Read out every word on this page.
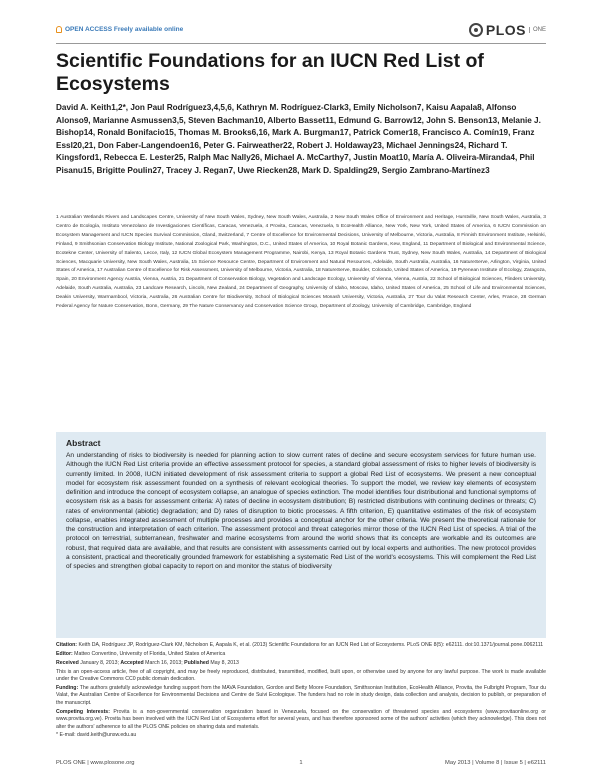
OPEN ACCESS Freely available online	PLOS	ONE
Scientific Foundations for an IUCN Red List of Ecosystems
David A. Keith1,2*, Jon Paul Rodríguez3,4,5,6, Kathryn M. Rodríguez-Clark3, Emily Nicholson7, Kaisu Aapala8, Alfonso Alonso9, Marianne Asmussen3,5, Steven Bachman10, Alberto Basset11, Edmund G. Barrow12, John S. Benson13, Melanie J. Bishop14, Ronald Bonifacio15, Thomas M. Brooks6,16, Mark A. Burgman17, Patrick Comer18, Francisco A. Comín19, Franz Essl20,21, Don Faber-Langendoen16, Peter G. Fairweather22, Robert J. Holdaway23, Michael Jennings24, Richard T. Kingsford1, Rebecca E. Lester25, Ralph Mac Nally26, Michael A. McCarthy7, Justin Moat10, María A. Oliveira-Miranda4, Phil Pisanu15, Brigitte Poulin27, Tracey J. Regan7, Uwe Riecken28, Mark D. Spalding29, Sergio Zambrano-Martínez3
1 Australian Wetlands Rivers and Landscapes Centre, University of New South Wales, Sydney, New South Wales, Australia, 2 New South Wales Office of Environment and Heritage, Hurstville, New South Wales, Australia, 3 Centro de Ecología, Instituto Venezolano de Investigaciones Científicas, Caracas, Venezuela, 4 Provita, Caracas, Venezuela, 5 EcoHealth Alliance, New York, New York, United States of America, 6 IUCN Commission on Ecosystem Management and IUCN Species Survival Commission, Gland, Switzerland, 7 Centre of Excellence for Environmental Decisions, University of Melbourne, Victoria, Australia, 8 Finnish Environment Institute, Helsinki, Finland, 9 Smithsonian Conservation Biology Institute, National Zoological Park, Washington, D.C., United States of America, 10 Royal Botanic Gardens, Kew, England, 11 Department of Biological and Environmental Science, Ecotekne Center, University of Salento, Lecce, Italy, 12 IUCN Global Ecosystem Management Programme, Nairobi, Kenya, 13 Royal Botanic Gardens Trust, Sydney, New South Wales, Australia, 14 Department of Biological Sciences, Macquarie University, New South Wales, Australia, 15 Science Resource Centre, Department of Environment and Natural Resources, Adelaide, South Australia, Australia, 16 NatureServe, Arlington, Virginia, United States of America, 17 Australian Centre of Excellence for Risk Assessment, University of Melbourne, Victoria, Australia, 18 NatureServe, Boulder, Colorado, United States of America, 19 Pyrenean Institute of Ecology, Zaragoza, Spain, 20 Environment Agency Austria, Vienna, Austria, 21 Department of Conservation Biology, Vegetation and Landscape Ecology, University of Vienna, Vienna, Austria, 22 School of Biological Sciences, Flinders University, Adelaide, South Australia, Australia, 23 Landcare Research, Lincoln, New Zealand, 24 Department of Geography, University of Idaho, Moscow, Idaho, United States of America, 25 School of Life and Environmental Sciences, Deakin University, Warrnambool, Victoria, Australia, 26 Australian Centre for Biodiversity, School of Biological Sciences Monash University, Victoria, Australia, 27 Tour du Valat Research Center, Arles, France, 28 German Federal Agency for Nature Conservation, Bonn, Germany, 29 The Nature Conservancy and Conservation Science Group, Department of Zoology, University of Cambridge, Cambridge, England
Abstract
An understanding of risks to biodiversity is needed for planning action to slow current rates of decline and secure ecosystem services for future human use. Although the IUCN Red List criteria provide an effective assessment protocol for species, a standard global assessment of risks to higher levels of biodiversity is currently limited. In 2008, IUCN initiated development of risk assessment criteria to support a global Red List of ecosystems. We present a new conceptual model for ecosystem risk assessment founded on a synthesis of relevant ecological theories. To support the model, we review key elements of ecosystem definition and introduce the concept of ecosystem collapse, an analogue of species extinction. The model identifies four distributional and functional symptoms of ecosystem risk as a basis for assessment criteria: A) rates of decline in ecosystem distribution; B) restricted distributions with continuing declines or threats; C) rates of environmental (abiotic) degradation; and D) rates of disruption to biotic processes. A fifth criterion, E) quantitative estimates of the risk of ecosystem collapse, enables integrated assessment of multiple processes and provides a conceptual anchor for the other criteria. We present the theoretical rationale for the construction and interpretation of each criterion. The assessment protocol and threat categories mirror those of the IUCN Red List of species. A trial of the protocol on terrestrial, subterranean, freshwater and marine ecosystems from around the world shows that its concepts are workable and its outcomes are robust, that required data are available, and that results are consistent with assessments carried out by local experts and authorities. The new protocol provides a consistent, practical and theoretically grounded framework for establishing a systematic Red List of the world's ecosystems. This will complement the Red List of species and strengthen global capacity to report on and monitor the status of biodiversity

Citation: Keith DA, Rodríguez JP, Rodríguez-Clark KM, Nicholson E, Aapala K, et al. (2013) Scientific Foundations for an IUCN Red List of Ecosystems. PLoS ONE 8(5): e62111. doi:10.1371/journal.pone.0062111

Editor: Matteo Convertino, University of Florida, United States of America

Received January 8, 2013; Accepted March 16, 2013; Published May 8, 2013

This is an open-access article, free of all copyright, and may be freely reproduced, distributed, transmitted, modified, built upon, or otherwise used by anyone for any lawful purpose. The work is made available under the Creative Commons CC0 public domain dedication.

Funding: The authors gratefully acknowledge funding support from the MAVA Foundation, Gordon and Betty Moore Foundation, Smithsonian Institution, EcoHealth Alliance, Provita, the Fulbright Program, Tour du Valat, the Australian Centre of Excellence for Environmental Decisions and Centre de Suivi Ecologique. The funders had no role in study design, data collection and analysis, decision to publish, or preparation of the manuscript.

Competing Interests: Provita is a non-governmental conservation organization based in Venezuela, focused on the conservation of threatened species and ecosystems (www.provitaonline.org or www.provita.org.ve). Provita has been involved with the IUCN Red List of Ecosystems effort for several years, and has therefore sponsored some of the authors' activities (which they acknowledge). This does not alter the authors' adherence to all the PLOS ONE policies on sharing data and materials.

* E-mail: david.keith@unsw.edu.au

PLOS ONE | www.plosone.org	1	May 2013 | Volume 8 | Issue 5 | e62111
